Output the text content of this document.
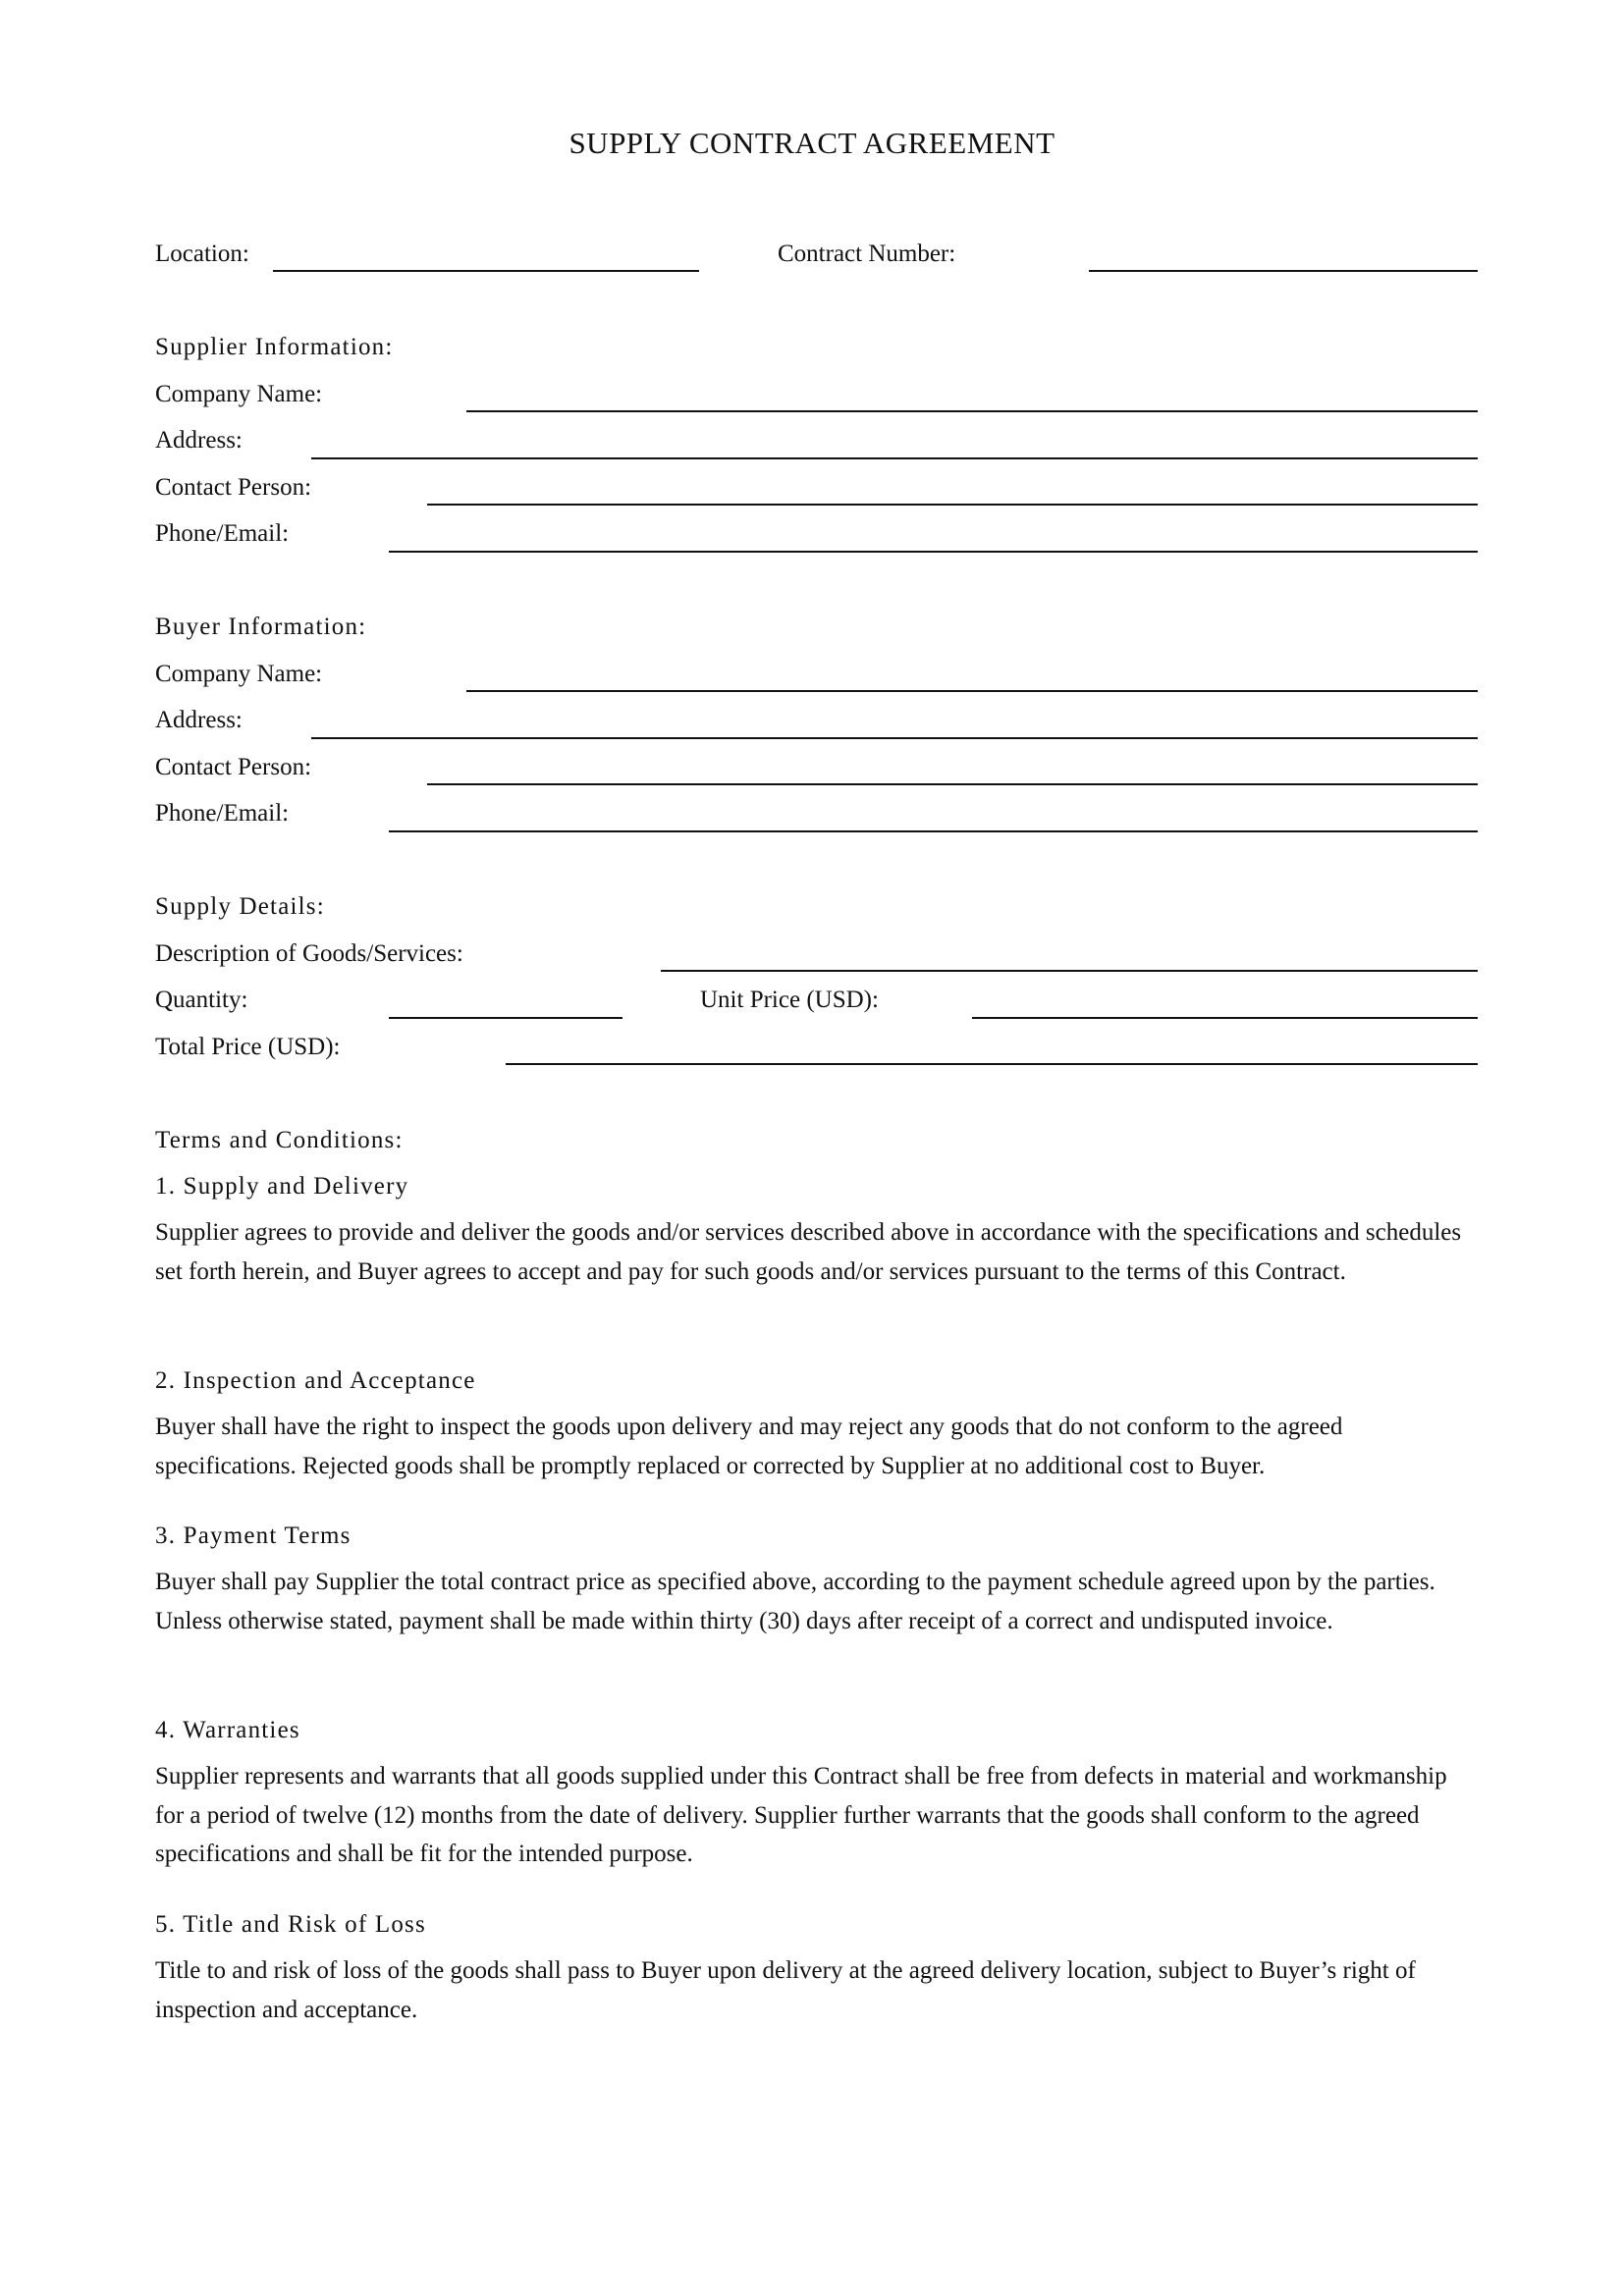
SUPPLY CONTRACT AGREEMENT
Location:	Contract Number:
Supplier Information:
Company Name:
Address:
Contact Person:
Phone/Email:
Buyer Information:
Company Name:
Address:
Contact Person:
Phone/Email:
Supply Details:
Description of Goods/Services:
Quantity:	Unit Price (USD):
Total Price (USD):
Terms and Conditions:
1. Supply and Delivery

Supplier agrees to provide and deliver the goods and/or services described above in accordance with the specifications and schedules set forth herein, and Buyer agrees to accept and pay for such goods and/or services pursuant to the terms of this Contract.

2. Inspection and Acceptance

Buyer shall have the right to inspect the goods upon delivery and may reject any goods that do not conform to the agreed specifications. Rejected goods shall be promptly replaced or corrected by Supplier at no additional cost to Buyer.

3. Payment Terms

Buyer shall pay Supplier the total contract price as specified above, according to the payment schedule agreed upon by the parties. Unless otherwise stated, payment shall be made within thirty (30) days after receipt of a correct and undisputed invoice.

4. Warranties

Supplier represents and warrants that all goods supplied under this Contract shall be free from defects in material and workmanship for a period of twelve (12) months from the date of delivery. Supplier further warrants that the goods shall conform to the agreed specifications and shall be fit for the intended purpose.

5. Title and Risk of Loss

Title to and risk of loss of the goods shall pass to Buyer upon delivery at the agreed delivery location, subject to Buyer’s right of inspection and acceptance.
